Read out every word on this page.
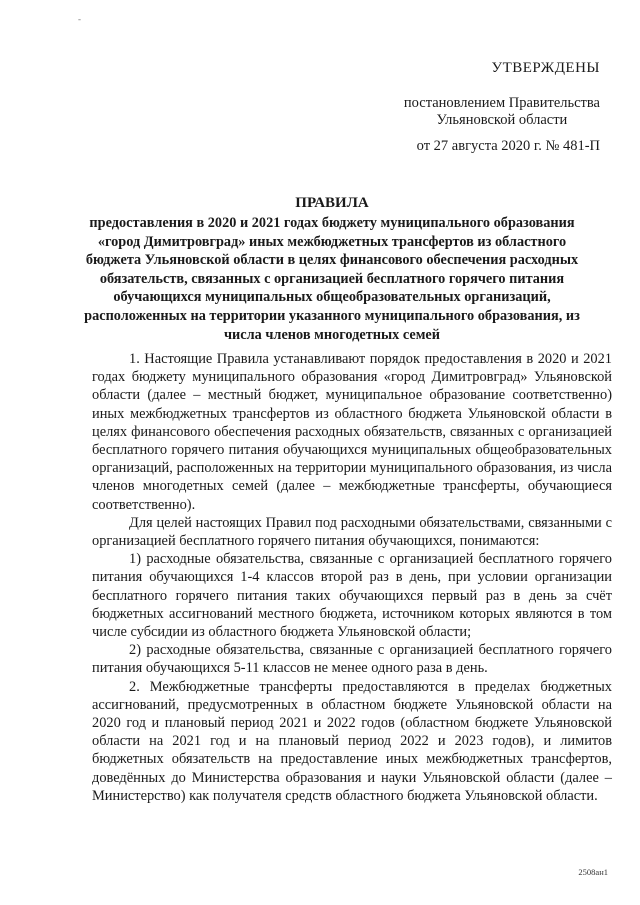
-
УТВЕРЖДЕНЫ
постановлением Правительства
Ульяновской области
от 27 августа 2020 г. № 481-П
ПРАВИЛА
предоставления в 2020 и 2021 годах бюджету муниципального образования «город Димитровград» иных межбюджетных трансфертов из областного бюджета Ульяновской области в целях финансового обеспечения расходных обязательств, связанных с организацией бесплатного горячего питания обучающихся муниципальных общеобразовательных организаций, расположенных на территории указанного муниципального образования, из числа членов многодетных семей

1. Настоящие Правила устанавливают порядок предоставления в 2020 и 2021 годах бюджету муниципального образования «город Димитровград» Ульяновской области (далее – местный бюджет, муниципальное образование соответственно) иных межбюджетных трансфертов из областного бюджета Ульяновской области в целях финансового обеспечения расходных обязательств, связанных с организацией бесплатного горячего питания обучающихся муниципальных общеобразовательных организаций, расположенных на территории муниципального образования, из числа членов многодетных семей (далее – межбюджетные трансферты, обучающиеся соответственно).

Для целей настоящих Правил под расходными обязательствами, связанными с организацией бесплатного горячего питания обучающихся, понимаются:

1) расходные обязательства, связанные с организацией бесплатного горячего питания обучающихся 1-4 классов второй раз в день, при условии организации бесплатного горячего питания таких обучающихся первый раз в день за счёт бюджетных ассигнований местного бюджета, источником которых являются в том числе субсидии из областного бюджета Ульяновской области;

2) расходные обязательства, связанные с организацией бесплатного горячего питания обучающихся 5-11 классов не менее одного раза в день.

2. Межбюджетные трансферты предоставляются в пределах бюджетных ассигнований, предусмотренных в областном бюджете Ульяновской области на 2020 год и плановый период 2021 и 2022 годов (областном бюджете Ульяновской области на 2021 год и на плановый период 2022 и 2023 годов), и лимитов бюджетных обязательств на предоставление иных межбюджетных трансфертов, доведённых до Министерства образования и науки Ульяновской области (далее – Министерство) как получателя средств областного бюджета Ульяновской области.

2508ан1
